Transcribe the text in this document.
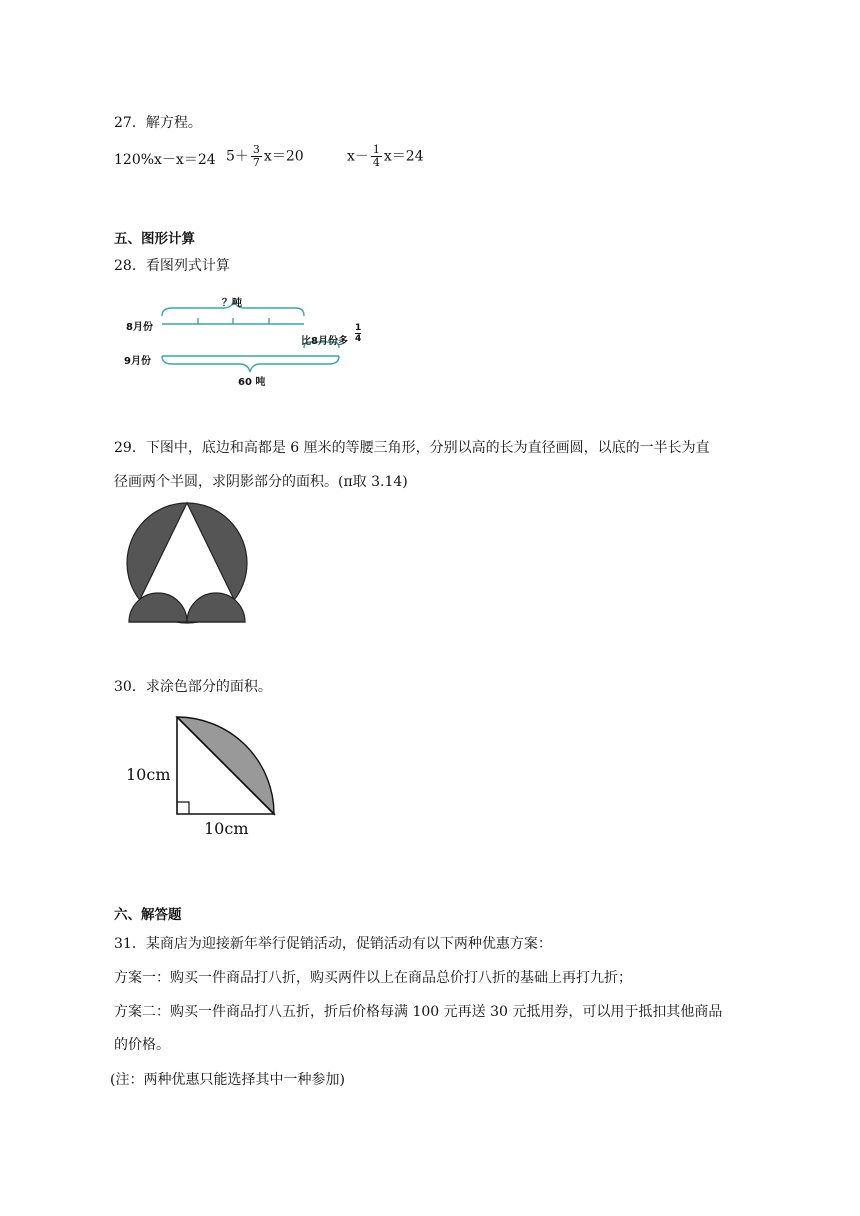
27．解方程。
120%x－x＝24 $5+ \frac{3}{7} x=20$	$x- \frac{1}{4} x=24$
五、图形计算
28．看图列式计算
？吨
8月份
9月份
比8月份多 $\frac{1}{4}$
60 吨
29．下图中，底边和高都是 6 厘米的等腰三角形，分别以高的长为直径画圆，以底的一半长为直
径画两个半圆，求阴影部分的面积。(π取 3.14)
30．求涂色部分的面积。
10cm
10cm
六、解答题
31．某商店为迎接新年举行促销活动，促销活动有以下两种优惠方案：
方案一：购买一件商品打八折，购买两件以上在商品总价打八折的基础上再打九折；
方案二：购买一件商品打八五折，折后价格每满 100 元再送 30 元抵用券，可以用于抵扣其他商品
的价格。
(注：两种优惠只能选择其中一种参加)
